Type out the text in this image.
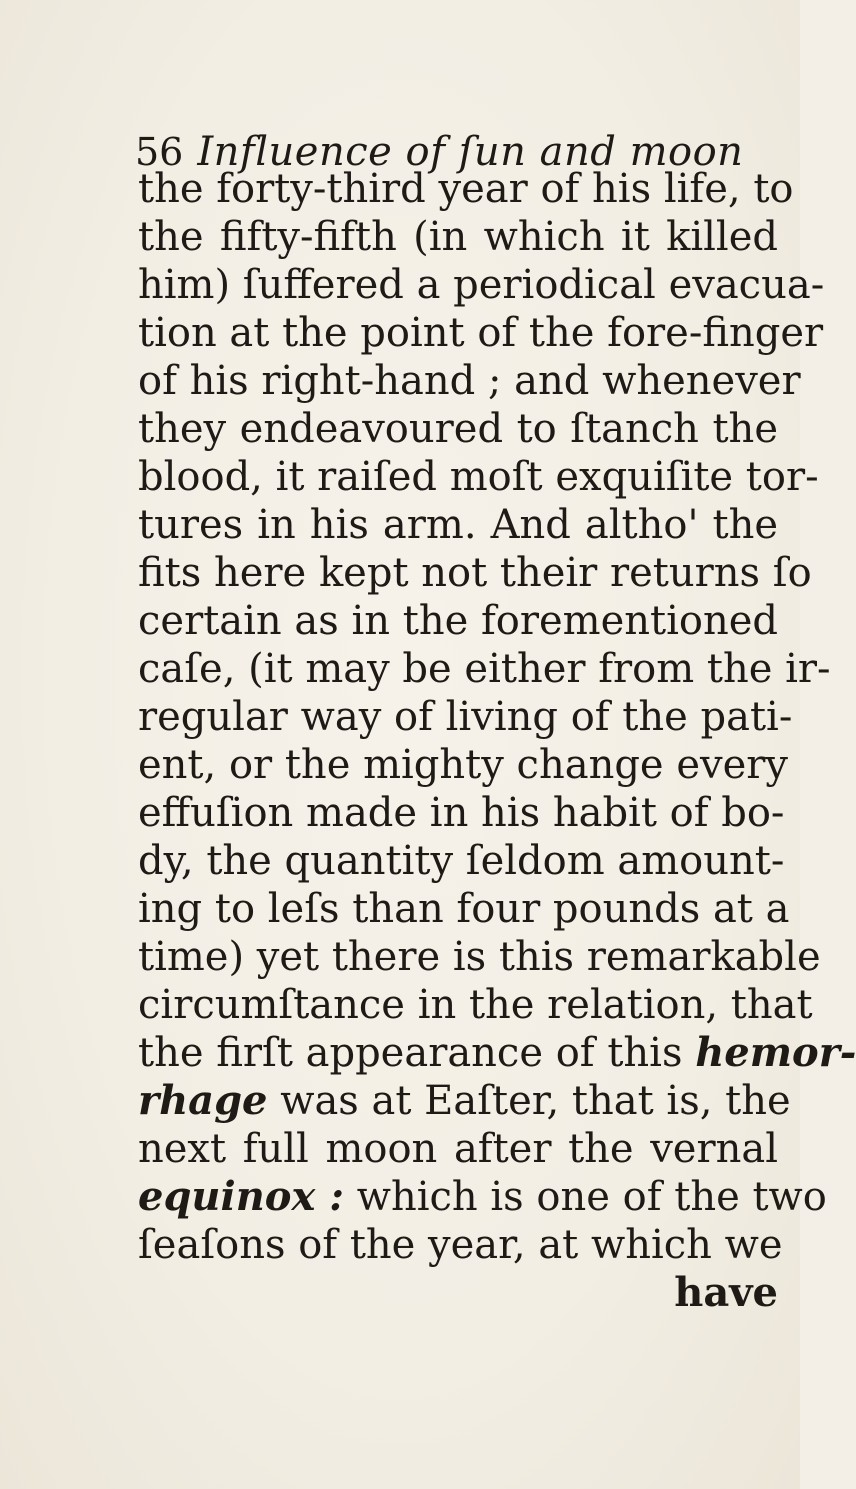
56 Influence of ſun and moon
the forty-third year of his life, to
the fifty-fifth (in which it killed
him) ſuffered a periodical evacua-
tion at the point of the fore-finger
of his right-hand ; and whenever
they endeavoured to ſtanch the
blood, it raiſed moſt exquiſite tor-
tures in his arm. And altho' the
fits here kept not their returns ſo
certain as in the forementioned
caſe, (it may be either from the ir-
regular way of living of the pati-
ent, or the mighty change every
effuſion made in his habit of bo-
dy, the quantity ſeldom amount-
ing to leſs than four pounds at a
time) yet there is this remarkable
circumſtance in the relation, that
the firſt appearance of this hemor-
rhage was at Eaſter, that is, the
next full moon after the vernal
equinox : which is one of the two
ſeaſons of the year, at which we
have
